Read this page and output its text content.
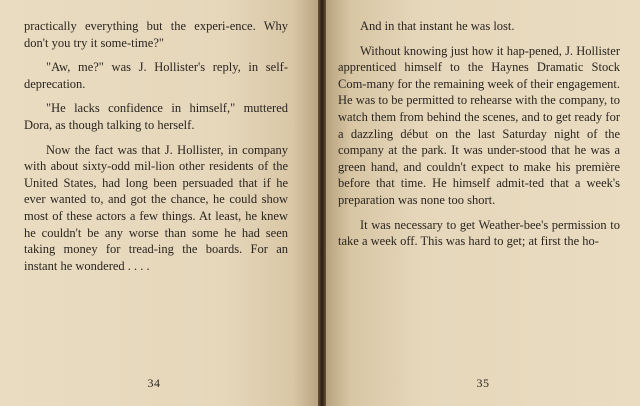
practically everything but the experi-ence. Why don't you try it some-time?"

"Aw, me?" was J. Hollister's reply, in self-deprecation.

"He lacks confidence in himself," muttered Dora, as though talking to herself.

Now the fact was that J. Hollister, in company with about sixty-odd mil-lion other residents of the United States, had long been persuaded that if he ever wanted to, and got the chance, he could show most of these actors a few things. At least, he knew he couldn't be any worse than some he had seen taking money for tread-ing the boards. For an instant he wondered . . . .

34

And in that instant he was lost.

Without knowing just how it hap-pened, J. Hollister apprenticed himself to the Haynes Dramatic Stock Com-many for the remaining week of their engagement. He was to be permitted to rehearse with the company, to watch them from behind the scenes, and to get ready for a dazzling début on the last Saturday night of the company at the park. It was under-stood that he was a green hand, and couldn't expect to make his première before that time. He himself admit-ted that a week's preparation was none too short.

It was necessary to get Weather-bee's permission to take a week off. This was hard to get; at first the ho-

35
